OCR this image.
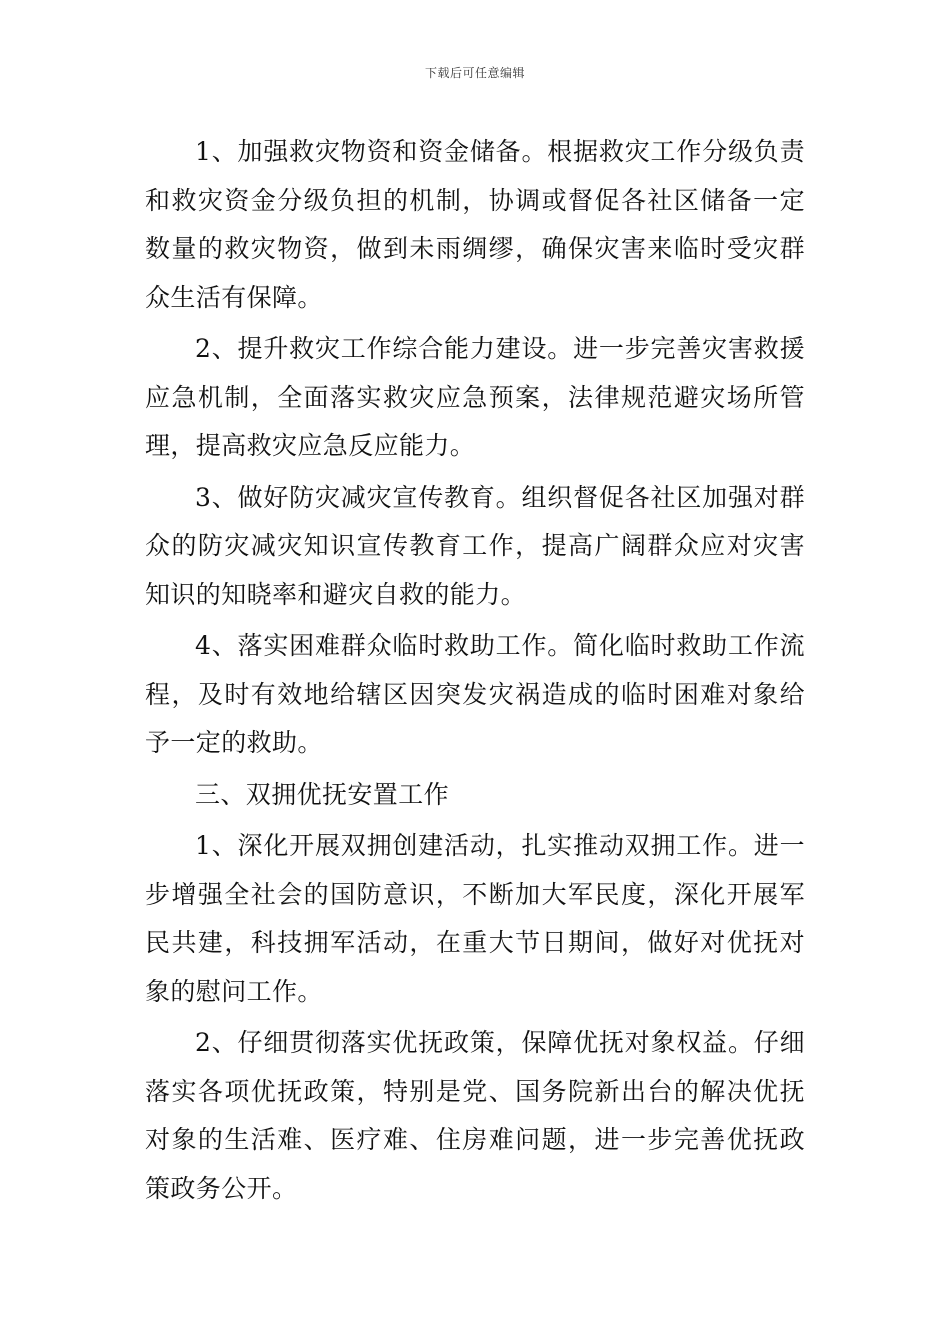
下载后可任意编辑

1、加强救灾物资和资金储备。根据救灾工作分级负责和救灾资金分级负担的机制，协调或督促各社区储备一定数量的救灾物资，做到未雨绸缪，确保灾害来临时受灾群众生活有保障。

2、提升救灾工作综合能力建设。进一步完善灾害救援应急机制，全面落实救灾应急预案，法律规范避灾场所管理，提高救灾应急反应能力。

3、做好防灾减灾宣传教育。组织督促各社区加强对群众的防灾减灾知识宣传教育工作，提高广阔群众应对灾害知识的知晓率和避灾自救的能力。

4、落实困难群众临时救助工作。简化临时救助工作流程，及时有效地给辖区因突发灾祸造成的临时困难对象给予一定的救助。

三、双拥优抚安置工作

1、深化开展双拥创建活动，扎实推动双拥工作。进一步增强全社会的国防意识，不断加大军民度，深化开展军民共建，科技拥军活动，在重大节日期间，做好对优抚对象的慰问工作。

2、仔细贯彻落实优抚政策，保障优抚对象权益。仔细落实各项优抚政策，特别是党、国务院新出台的解决优抚对象的生活难、医疗难、住房难问题，进一步完善优抚政策政务公开。
